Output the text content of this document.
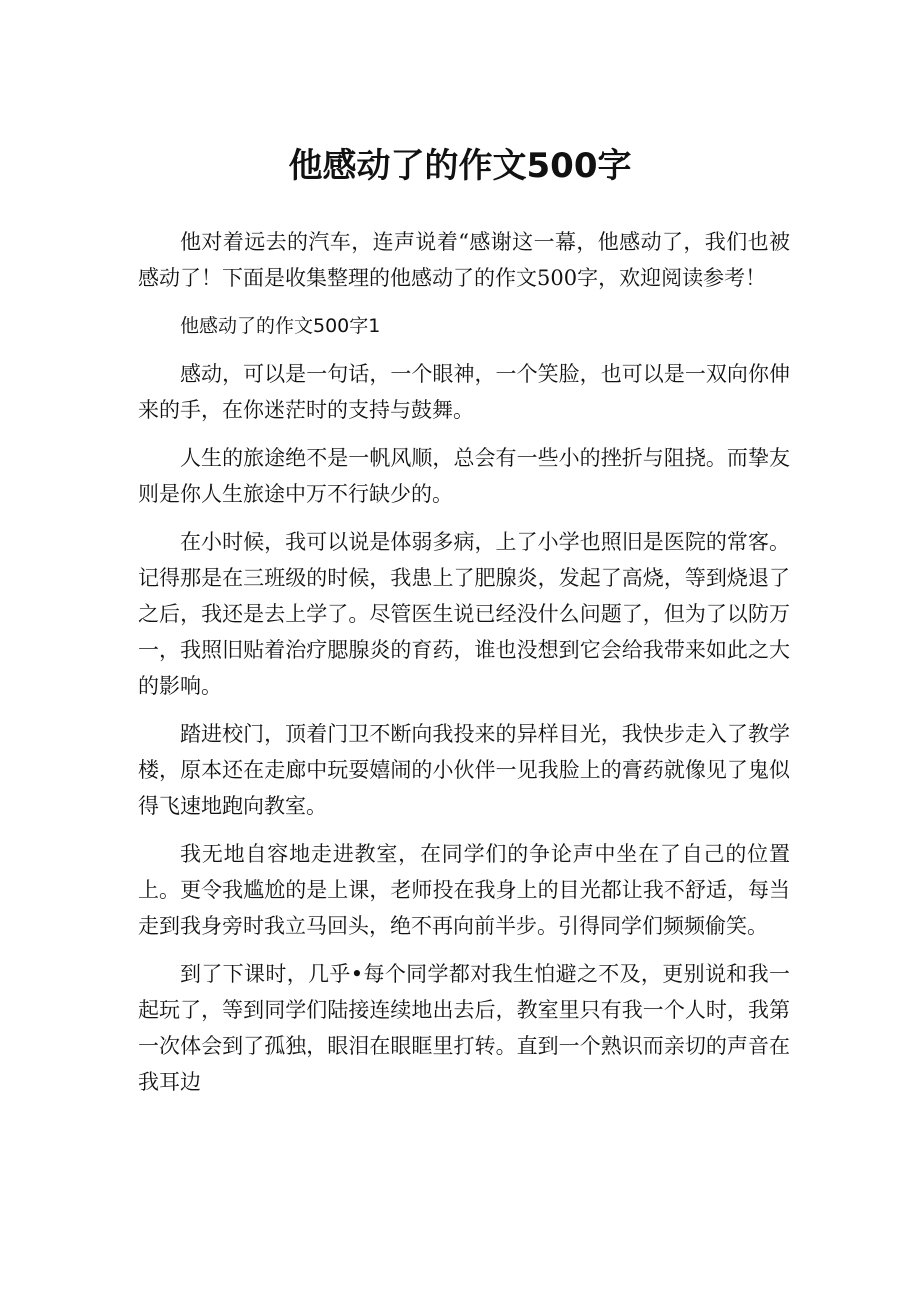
他感动了的作文500字

他对着远去的汽车，连声说着“感谢这一幕，他感动了，我们也被感动了！下面是收集整理的他感动了的作文500字，欢迎阅读参考！

他感动了的作文500字1

感动，可以是一句话，一个眼神，一个笑脸，也可以是一双向你伸来的手，在你迷茫时的支持与鼓舞。

人生的旅途绝不是一帆风顺，总会有一些小的挫折与阻挠。而挚友则是你人生旅途中万不行缺少的。

在小时候，我可以说是体弱多病，上了小学也照旧是医院的常客。记得那是在三班级的时候，我患上了肥腺炎，发起了高烧，等到烧退了之后，我还是去上学了。尽管医生说已经没什么问题了，但为了以防万一，我照旧贴着治疗腮腺炎的育药，谁也没想到它会给我带来如此之大的影响。

踏进校门，顶着门卫不断向我投来的异样目光，我快步走入了教学楼，原本还在走廊中玩耍嬉闹的小伙伴一见我脸上的膏药就像见了鬼似得飞速地跑向教室。

我无地自容地走进教室，在同学们的争论声中坐在了自己的位置上。更令我尴尬的是上课，老师投在我身上的目光都让我不舒适，每当走到我身旁时我立马回头，绝不再向前半步。引得同学们频频偷笑。

到了下课时，几乎•每个同学都对我生怕避之不及，更别说和我一起玩了，等到同学们陆接连续地出去后，教室里只有我一个人时，我第一次体会到了孤独，眼泪在眼眶里打转。直到一个熟识而亲切的声音在我耳边
